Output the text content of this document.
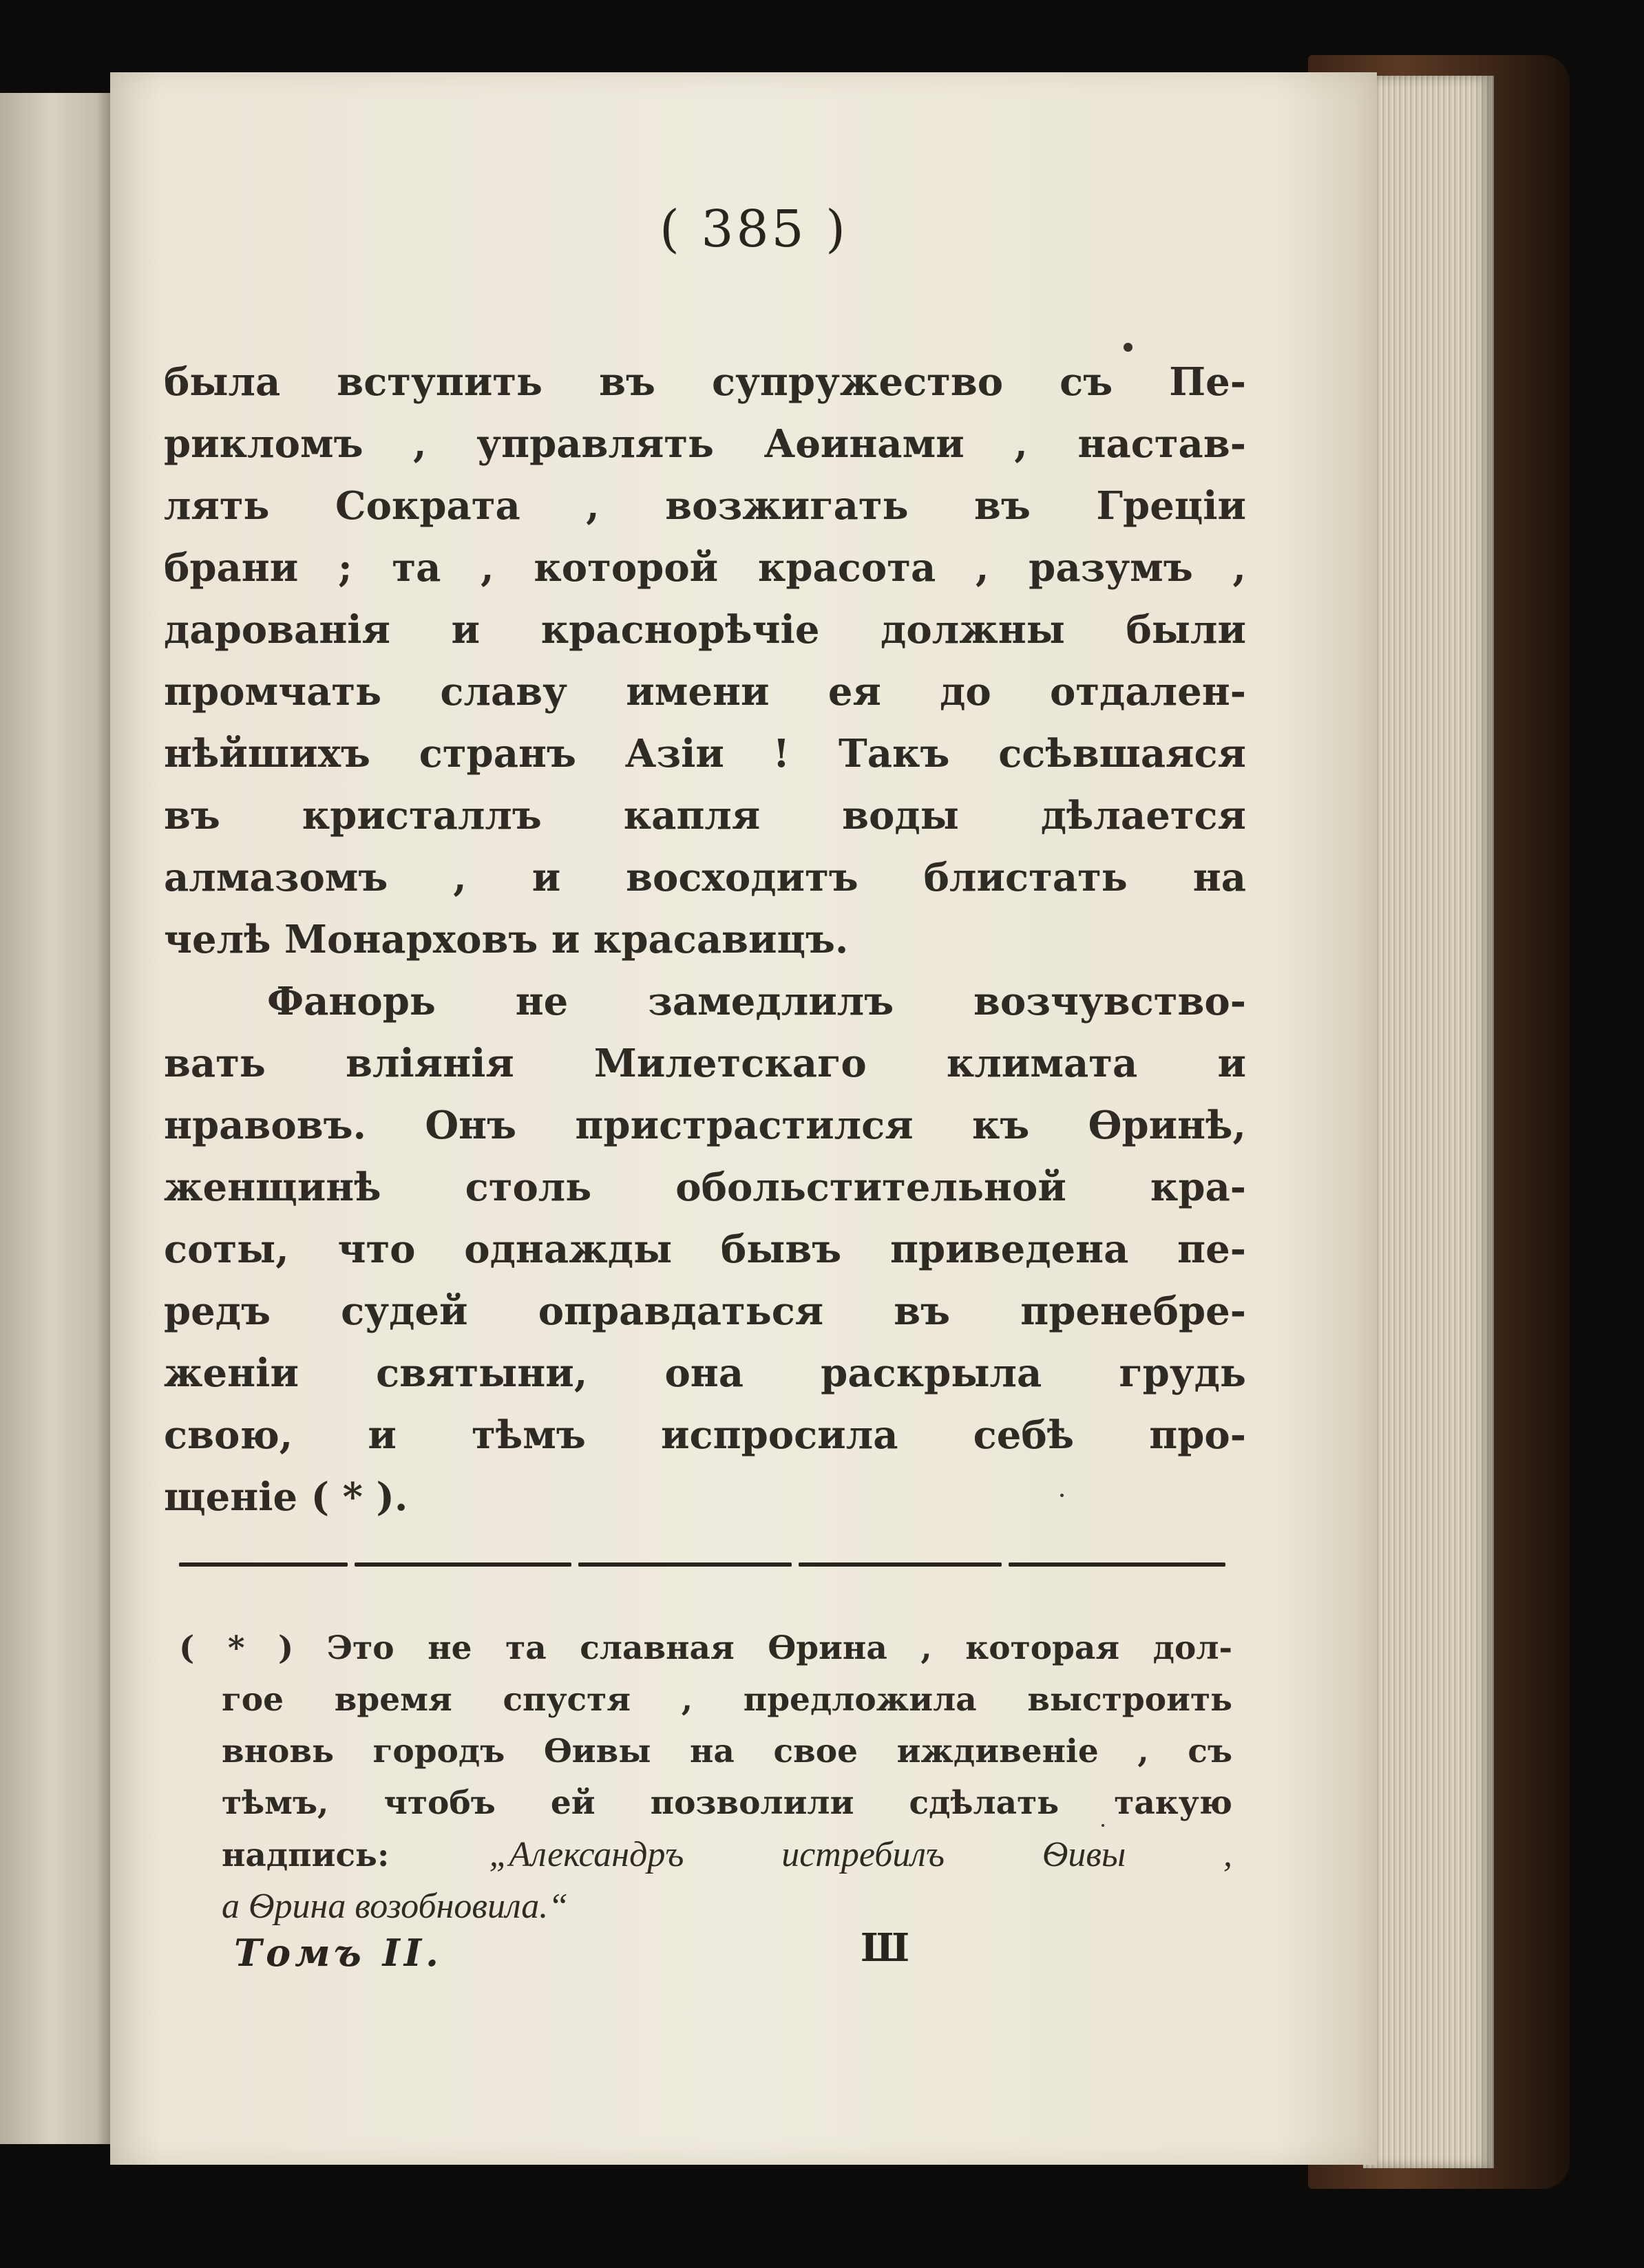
( 385 )
была вступить въ супружество съ Пе-
рикломъ , управлять Аѳинами , настав-
лять Сократа , возжигать въ Греціи
брани ; та , которой красота , разумъ ,
дарованія и краснорѣчіе должны были
промчать славу имени ея до отдален-
нѣйшихъ странъ Азіи ! Такъ ссѣвшаяся
въ кристаллъ капля воды дѣлается
алмазомъ , и восходитъ блистать на
челѣ Монарховъ и красавицъ.
Фанорь не замедлилъ возчувство-
вать вліянія Милетскаго климата и
нравовъ. Онъ пристрастился къ Ѳринѣ,
женщинѣ столь обольстительной кра-
соты, что однажды бывъ приведена пе-
редъ судей оправдаться въ пренебре-
женіи святыни, она раскрыла грудь
свою, и тѣмъ испросила себѣ про-
щеніе ( * ).
( * ) Это не та славная Ѳрина , которая дол-
гое время спустя , предложила выстроить
вновь городъ Ѳивы на свое иждивеніе , съ
тѣмъ, чтобъ ей позволили сдѣлать такую
надпись:	„Александръ истребилъ Ѳивы ,
а Ѳрина возобновила.“
Томъ II.	Ш
